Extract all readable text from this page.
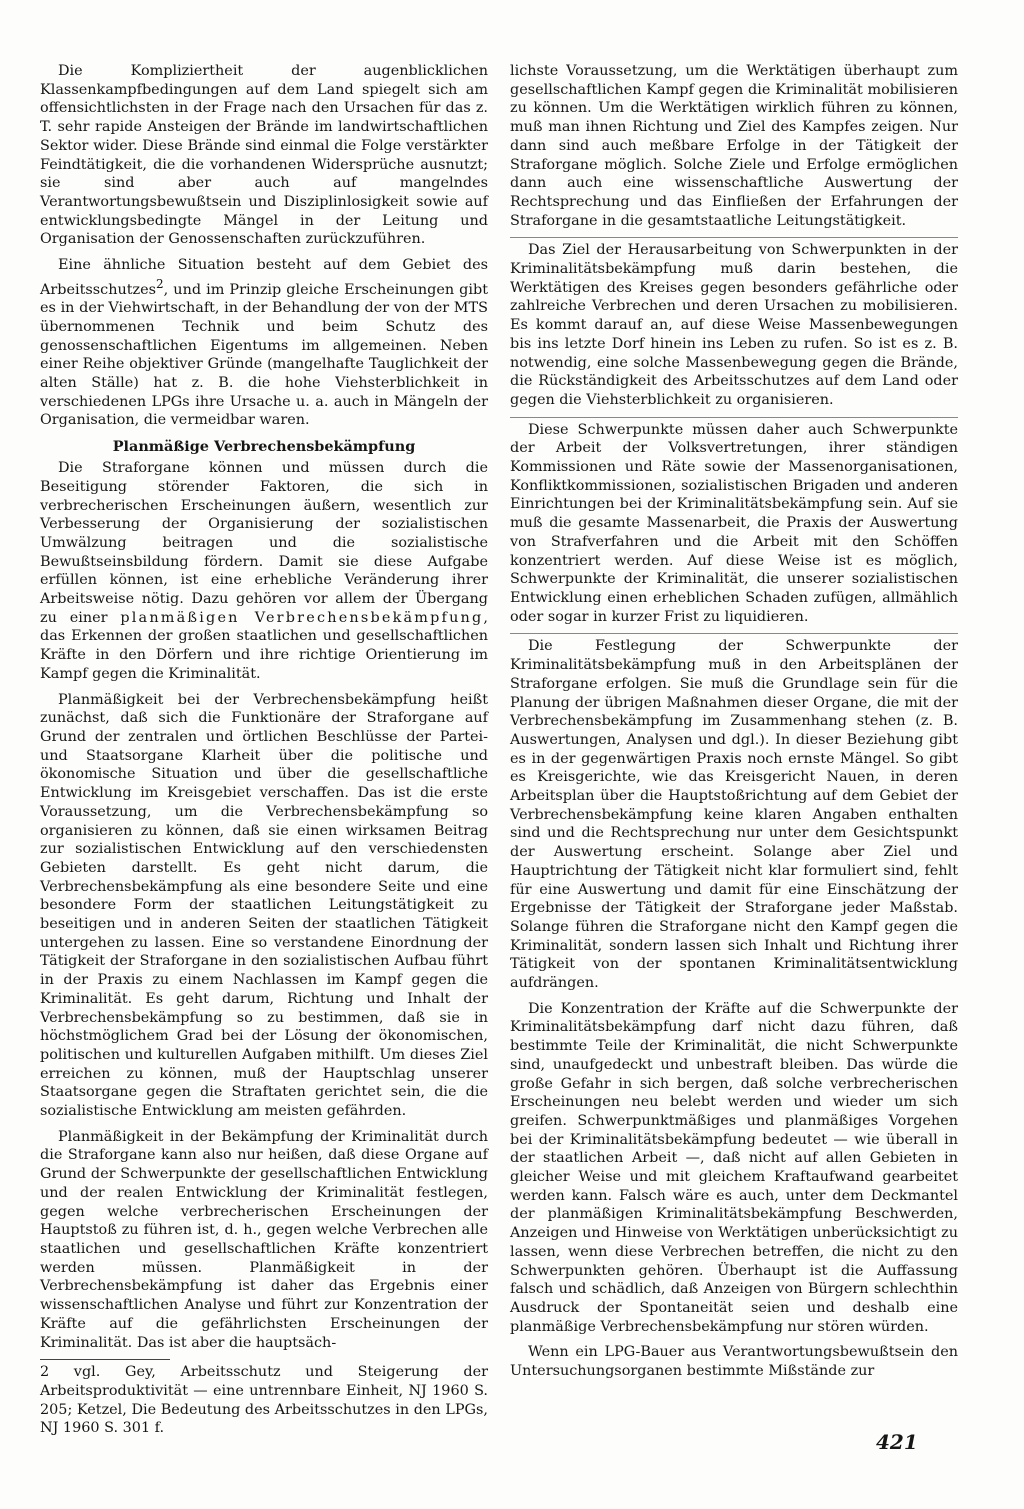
Die Kompliziertheit der augenblicklichen Klassenkampfbedingungen auf dem Land spiegelt sich am offensichtlichsten in der Frage nach den Ursachen für das z. T. sehr rapide Ansteigen der Brände im landwirtschaftlichen Sektor wider. Diese Brände sind einmal die Folge verstärkter Feindtätigkeit, die die vorhandenen Widersprüche ausnutzt; sie sind aber auch auf mangelndes Verantwortungsbewußtsein und Disziplinlosigkeit sowie auf entwicklungsbedingte Mängel in der Leitung und Organisation der Genossenschaften zurückzuführen.

Eine ähnliche Situation besteht auf dem Gebiet des Arbeitsschutzes$^2$, und im Prinzip gleiche Erscheinungen gibt es in der Viehwirtschaft, in der Behandlung der von der MTS übernommenen Technik und beim Schutz des genossenschaftlichen Eigentums im allgemeinen. Neben einer Reihe objektiver Gründe (mangelhafte Tauglichkeit der alten Ställe) hat z. B. die hohe Viehsterblichkeit in verschiedenen LPGs ihre Ursache u. a. auch in Mängeln der Organisation, die vermeidbar waren.

Planmäßige Verbrechensbekämpfung

Die Straforgane können und müssen durch die Beseitigung störender Faktoren, die sich in verbrecherischen Erscheinungen äußern, wesentlich zur Verbesserung der Organisierung der sozialistischen Umwälzung beitragen und die sozialistische Bewußtseinsbildung fördern. Damit sie diese Aufgabe erfüllen können, ist eine erhebliche Veränderung ihrer Arbeitsweise nötig. Dazu gehören vor allem der Übergang zu einer planmäßigen Verbrechensbekämpfung, das Erkennen der großen staatlichen und gesellschaftlichen Kräfte in den Dörfern und ihre richtige Orientierung im Kampf gegen die Kriminalität.

Planmäßigkeit bei der Verbrechensbekämpfung heißt zunächst, daß sich die Funktionäre der Straforgane auf Grund der zentralen und örtlichen Beschlüsse der Partei- und Staatsorgane Klarheit über die politische und ökonomische Situation und über die gesellschaftliche Entwicklung im Kreisgebiet verschaffen. Das ist die erste Voraussetzung, um die Verbrechensbekämpfung so organisieren zu können, daß sie einen wirksamen Beitrag zur sozialistischen Entwicklung auf den verschiedensten Gebieten darstellt. Es geht nicht darum, die Verbrechensbekämpfung als eine besondere Seite und eine besondere Form der staatlichen Leitungstätigkeit zu beseitigen und in anderen Seiten der staatlichen Tätigkeit untergehen zu lassen. Eine so verstandene Einordnung der Tätigkeit der Straforgane in den sozialistischen Aufbau führt in der Praxis zu einem Nachlassen im Kampf gegen die Kriminalität. Es geht darum, Richtung und Inhalt der Verbrechensbekämpfung so zu bestimmen, daß sie in höchstmöglichem Grad bei der Lösung der ökonomischen, politischen und kulturellen Aufgaben mithilft. Um dieses Ziel erreichen zu können, muß der Hauptschlag unserer Staatsorgane gegen die Straftaten gerichtet sein, die die sozialistische Entwicklung am meisten gefährden.

Planmäßigkeit in der Bekämpfung der Kriminalität durch die Straforgane kann also nur heißen, daß diese Organe auf Grund der Schwerpunkte der gesellschaftlichen Entwicklung und der realen Entwicklung der Kriminalität festlegen, gegen welche verbrecherischen Erscheinungen der Hauptstoß zu führen ist, d. h., gegen welche Verbrechen alle staatlichen und gesellschaftlichen Kräfte konzentriert werden müssen. Planmäßigkeit in der Verbrechensbekämpfung ist daher das Ergebnis einer wissenschaftlichen Analyse und führt zur Konzentration der Kräfte auf die gefährlichsten Erscheinungen der Kriminalität. Das ist aber die hauptsäch-

2 vgl. Gey, Arbeitsschutz und Steigerung der Arbeitsproduktivität — eine untrennbare Einheit, NJ 1960 S. 205; Ketzel, Die Bedeutung des Arbeitsschutzes in den LPGs, NJ 1960 S. 301 f.

lichste Voraussetzung, um die Werktätigen überhaupt zum gesellschaftlichen Kampf gegen die Kriminalität mobilisieren zu können. Um die Werktätigen wirklich führen zu können, muß man ihnen Richtung und Ziel des Kampfes zeigen. Nur dann sind auch meßbare Erfolge in der Tätigkeit der Straforgane möglich. Solche Ziele und Erfolge ermöglichen dann auch eine wissenschaftliche Auswertung der Rechtsprechung und das Einfließen der Erfahrungen der Straforgane in die gesamtstaatliche Leitungstätigkeit.

Das Ziel der Herausarbeitung von Schwerpunkten in der Kriminalitätsbekämpfung muß darin bestehen, die Werktätigen des Kreises gegen besonders gefährliche oder zahlreiche Verbrechen und deren Ursachen zu mobilisieren. Es kommt darauf an, auf diese Weise Massenbewegungen bis ins letzte Dorf hinein ins Leben zu rufen. So ist es z. B. notwendig, eine solche Massenbewegung gegen die Brände, die Rückständigkeit des Arbeitsschutzes auf dem Land oder gegen die Viehsterblichkeit zu organisieren.

Diese Schwerpunkte müssen daher auch Schwerpunkte der Arbeit der Volksvertretungen, ihrer ständigen Kommissionen und Räte sowie der Massenorganisationen, Konfliktkommissionen, sozialistischen Brigaden und anderen Einrichtungen bei der Kriminalitätsbekämpfung sein. Auf sie muß die gesamte Massenarbeit, die Praxis der Auswertung von Strafverfahren und die Arbeit mit den Schöffen konzentriert werden. Auf diese Weise ist es möglich, Schwerpunkte der Kriminalität, die unserer sozialistischen Entwicklung einen erheblichen Schaden zufügen, allmählich oder sogar in kurzer Frist zu liquidieren.

Die Festlegung der Schwerpunkte der Kriminalitätsbekämpfung muß in den Arbeitsplänen der Straforgane erfolgen. Sie muß die Grundlage sein für die Planung der übrigen Maßnahmen dieser Organe, die mit der Verbrechensbekämpfung im Zusammenhang stehen (z. B. Auswertungen, Analysen und dgl.). In dieser Beziehung gibt es in der gegenwärtigen Praxis noch ernste Mängel. So gibt es Kreisgerichte, wie das Kreisgericht Nauen, in deren Arbeitsplan über die Hauptstoßrichtung auf dem Gebiet der Verbrechensbekämpfung keine klaren Angaben enthalten sind und die Rechtsprechung nur unter dem Gesichtspunkt der Auswertung erscheint. Solange aber Ziel und Hauptrichtung der Tätigkeit nicht klar formuliert sind, fehlt für eine Auswertung und damit für eine Einschätzung der Ergebnisse der Tätigkeit der Straforgane jeder Maßstab. Solange führen die Straforgane nicht den Kampf gegen die Kriminalität, sondern lassen sich Inhalt und Richtung ihrer Tätigkeit von der spontanen Kriminalitätsentwicklung aufdrängen.

Die Konzentration der Kräfte auf die Schwerpunkte der Kriminalitätsbekämpfung darf nicht dazu führen, daß bestimmte Teile der Kriminalität, die nicht Schwerpunkte sind, unaufgedeckt und unbestraft bleiben. Das würde die große Gefahr in sich bergen, daß solche verbrecherischen Erscheinungen neu belebt werden und wieder um sich greifen. Schwerpunktmäßiges und planmäßiges Vorgehen bei der Kriminalitätsbekämpfung bedeutet — wie überall in der staatlichen Arbeit —, daß nicht auf allen Gebieten in gleicher Weise und mit gleichem Kraftaufwand gearbeitet werden kann. Falsch wäre es auch, unter dem Deckmantel der planmäßigen Kriminalitätsbekämpfung Beschwerden, Anzeigen und Hinweise von Werktätigen unberücksichtigt zu lassen, wenn diese Verbrechen betreffen, die nicht zu den Schwerpunkten gehören. Überhaupt ist die Auffassung falsch und schädlich, daß Anzeigen von Bürgern schlechthin Ausdruck der Spontaneität seien und deshalb eine planmäßige Verbrechensbekämpfung nur stören würden.

Wenn ein LPG-Bauer aus Verantwortungsbewußtsein den Untersuchungsorganen bestimmte Mißstände zur

421
